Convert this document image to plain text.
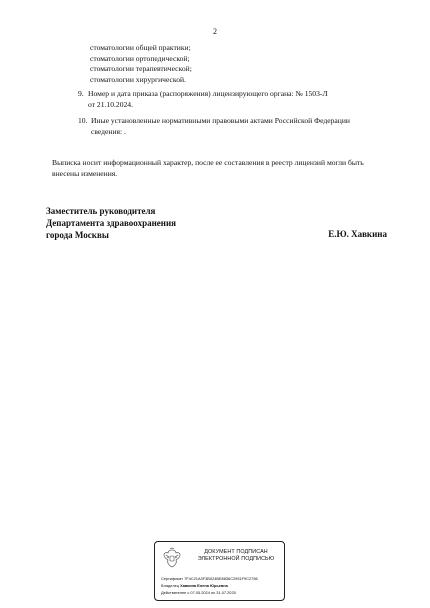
2
стоматологии общей практики;
стоматологии ортопедической;
стоматологии терапевтической;
стоматологии хирургической.
9. Номер и дата приказа (распоряжения) лицензирующего органа: № 1503-Л
от 21.10.2024.
10. Иные установленные нормативными правовыми актами Российской Федерации
сведения: .
Выписка носит информационный характер, после ее составления в реестр лицензий могли быть
внесены изменения.
Заместитель руководителя
Департамента здравоохранения
города Москвы	Е.Ю. Хавкина
ДОКУМЕНТ ПОДПИСАН
ЭЛЕКТРОННОЙ ПОДПИСЬЮ
Сертификат 7F4C21A3F3B024BE8836C2951F9C2756
Владелец Хавкина Елена Юрьевна
Действителен с 07.05.2024 по 31.07.2025
